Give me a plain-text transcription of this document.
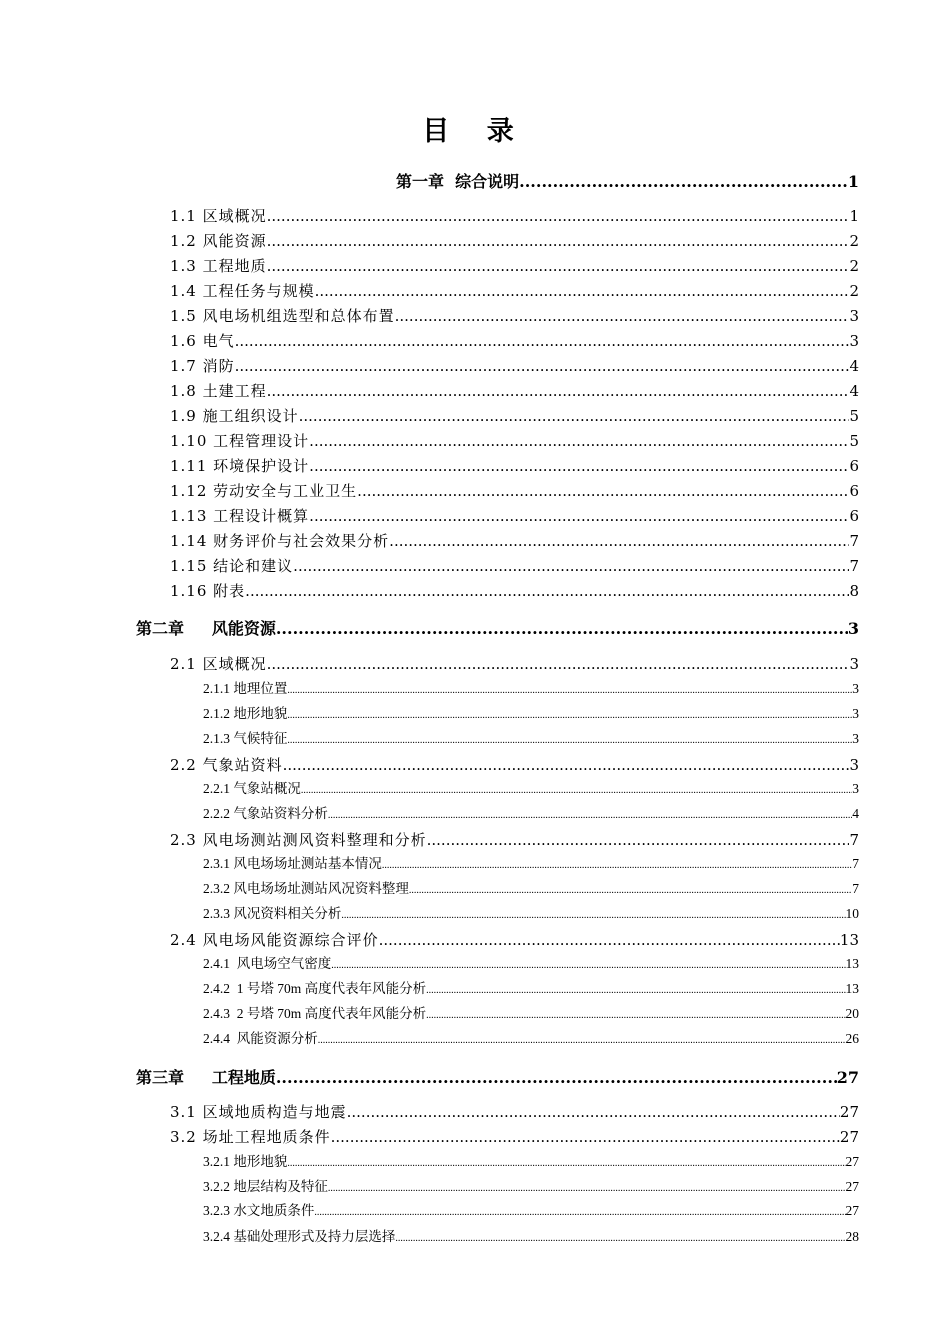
目 录
第一章  综合说明 .....	1
1.1 区域概况 .....	1
1.2 风能资源 .....	2
1.3 工程地质 .....	2
1.4 工程任务与规模 .....	2
1.5 风电场机组选型和总体布置 .....	3
1.6 电气 .....	3
1.7 消防 .....	4
1.8 土建工程 .....	4
1.9 施工组织设计 .....	5
1.10 工程管理设计 .....	5
1.11 环境保护设计 .....	6
1.12 劳动安全与工业卫生 .....	6
1.13 工程设计概算 .....	6
1.14 财务评价与社会效果分析 .....	7
1.15 结论和建议 .....	7
1.16 附表 .....	8
第二章     风能资源 .....	3
2.1 区域概况 .....	3
2.1.1 地理位置 .....	3
2.1.2 地形地貌 .....	3
2.1.3 气候特征 .....	3
2.2 气象站资料 .....	3
2.2.1 气象站概况 .....	3
2.2.2 气象站资料分析 .....	4
2.3 风电场测站测风资料整理和分析 .....	7
2.3.1 风电场场址测站基本情况 .....	7
2.3.2 风电场场址测站风况资料整理 .....	7
2.3.3 风况资料相关分析 .....	10
2.4 风电场风能资源综合评价 .....	13
2.4.1  风电场空气密度 .....	13
2.4.2  1 号塔 70m 高度代表年风能分析 .....	13
2.4.3  2 号塔 70m 高度代表年风能分析 .....	20
2.4.4  风能资源分析 .....	26
第三章     工程地质 .....	27
3.1 区域地质构造与地震 .....	27
3.2 场址工程地质条件 .....	27
3.2.1 地形地貌 .....	27
3.2.2 地层结构及特征 .....	27
3.2.3 水文地质条件 .....	27
3.2.4 基础处理形式及持力层选择 .....	28
